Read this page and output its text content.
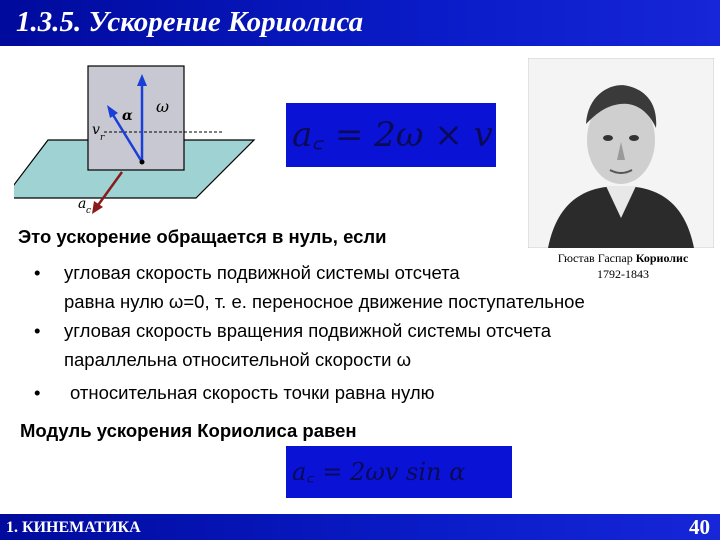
1.3.5. Ускорение Кориолиса
ω
v r
α
a c
a꜀ = 2ω × v
Гюстав Гаспар Кориолис
1792-1843
Это ускорение обращается в нуль, если
• угловая скорость подвижной системы отсчета
равна нулю ω=0, т. е. переносное движение поступательное
• угловая скорость вращения подвижной системы отсчета
параллельна относительной скорости ω
• относительная скорость точки равна нулю
Модуль ускорения Кориолиса равен
a꜀ = 2ωv sin α
1. КИНЕМАТИКА	40
